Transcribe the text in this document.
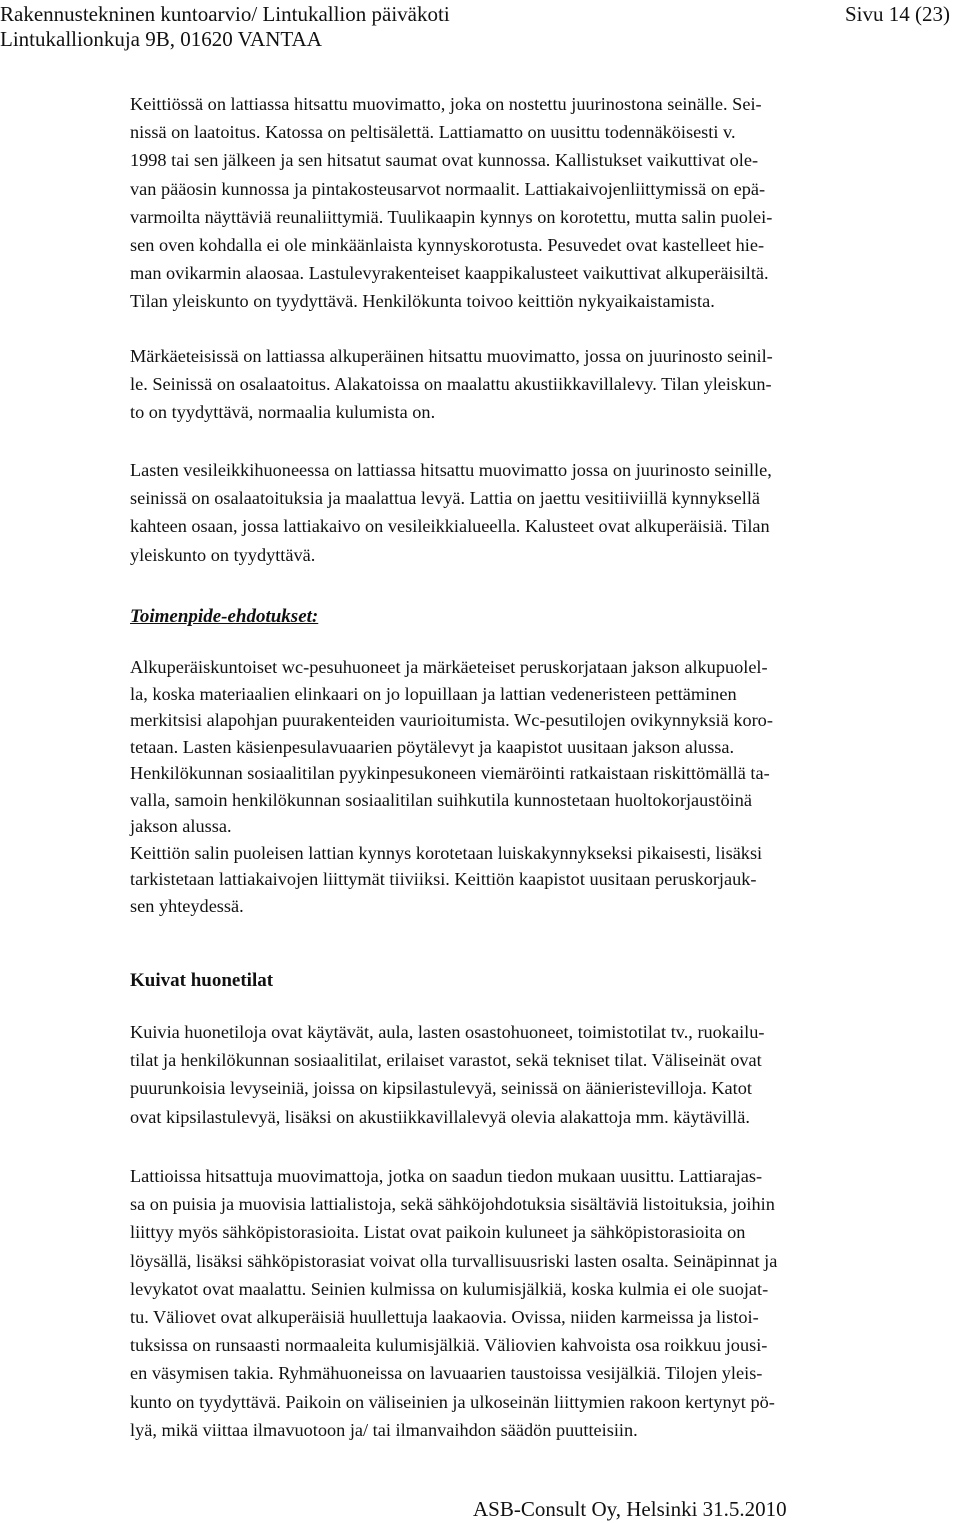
Rakennustekninen kuntoarvio/ Lintukallion päiväkoti	Sivu 14 (23)
Lintukallionkuja 9B, 01620 VANTAA
Keittiössä on lattiassa hitsattu muovimatto, joka on nostettu juurinostona seinälle. Sei-
nissä on laatoitus. Katossa on peltisälettä. Lattiamatto on uusittu todennäköisesti v.
1998 tai sen jälkeen ja sen hitsatut saumat ovat kunnossa. Kallistukset vaikuttivat ole-
van pääosin kunnossa ja pintakosteusarvot normaalit. Lattiakaivojenliittymissä on epä-
varmoilta näyttäviä reunaliittymiä. Tuulikaapin kynnys on korotettu, mutta salin puolei-
sen oven kohdalla ei ole minkäänlaista kynnyskorotusta. Pesuvedet ovat kastelleet hie-
man ovikarmin alaosaa. Lastulevyrakenteiset kaappikalusteet vaikuttivat alkuperäisiltä.
Tilan yleiskunto on tyydyttävä. Henkilökunta toivoo keittiön nykyaikaistamista.
Märkäeteisissä on lattiassa alkuperäinen hitsattu muovimatto, jossa on juurinosto seinil-
le. Seinissä on osalaatoitus. Alakatoissa on maalattu akustiikkavillalevy. Tilan yleiskun-
to on tyydyttävä, normaalia kulumista on.
Lasten vesileikkihuoneessa on lattiassa hitsattu muovimatto jossa on juurinosto seinille,
seinissä on osalaatoituksia ja maalattua levyä. Lattia on jaettu vesitiiviillä kynnyksellä
kahteen osaan, jossa lattiakaivo on vesileikkialueella. Kalusteet ovat alkuperäisiä. Tilan
yleiskunto on tyydyttävä.
Toimenpide-ehdotukset:
Alkuperäiskuntoiset wc-pesuhuoneet ja märkäeteiset peruskorjataan jakson alkupuolel-
la, koska materiaalien elinkaari on jo lopuillaan ja lattian vedeneristeen pettäminen
merkitsisi alapohjan puurakenteiden vaurioitumista. Wc-pesutilojen ovikynnyksiä koro-
tetaan. Lasten käsienpesulavuaarien pöytälevyt ja kaapistot uusitaan jakson alussa.
Henkilökunnan sosiaalitilan pyykinpesukoneen viemäröinti ratkaistaan riskittömällä ta-
valla, samoin henkilökunnan sosiaalitilan suihkutila kunnostetaan huoltokorjaustöinä
jakson alussa.
Keittiön salin puoleisen lattian kynnys korotetaan luiskakynnykseksi pikaisesti, lisäksi
tarkistetaan lattiakaivojen liittymät tiiviiksi. Keittiön kaapistot uusitaan peruskorjauk-
sen yhteydessä.
Kuivat huonetilat
Kuivia huonetiloja ovat käytävät, aula, lasten osastohuoneet, toimistotilat tv., ruokailu-
tilat ja henkilökunnan sosiaalitilat, erilaiset varastot, sekä tekniset tilat. Väliseinät ovat
puurunkoisia levyseiniä, joissa on kipsilastulevyä, seinissä on äänieristevilloja. Katot
ovat kipsilastulevyä, lisäksi on akustiikkavillalevyä olevia alakattoja mm. käytävillä.
Lattioissa hitsattuja muovimattoja, jotka on saadun tiedon mukaan uusittu. Lattiarajas-
sa on puisia ja muovisia lattialistoja, sekä sähköjohdotuksia sisältäviä listoituksia, joihin
liittyy myös sähköpistorasioita. Listat ovat paikoin kuluneet ja sähköpistorasioita on
löysällä, lisäksi sähköpistorasiat voivat olla turvallisuusriski lasten osalta. Seinäpinnat ja
levykatot ovat maalattu. Seinien kulmissa on kulumisjälkiä, koska kulmia ei ole suojat-
tu. Väliovet ovat alkuperäisiä huullettuja laakaovia. Ovissa, niiden karmeissa ja listoi-
tuksissa on runsaasti normaaleita kulumisjälkiä. Väliovien kahvoista osa roikkuu jousi-
en väsymisen takia. Ryhmähuoneissa on lavuaarien taustoissa vesijälkiä. Tilojen yleis-
kunto on tyydyttävä. Paikoin on väliseinien ja ulkoseinän liittymien rakoon kertynyt pö-
lyä, mikä viittaa ilmavuotoon ja/ tai ilmanvaihdon säädön puutteisiin.
ASB-Consult Oy, Helsinki 31.5.2010
